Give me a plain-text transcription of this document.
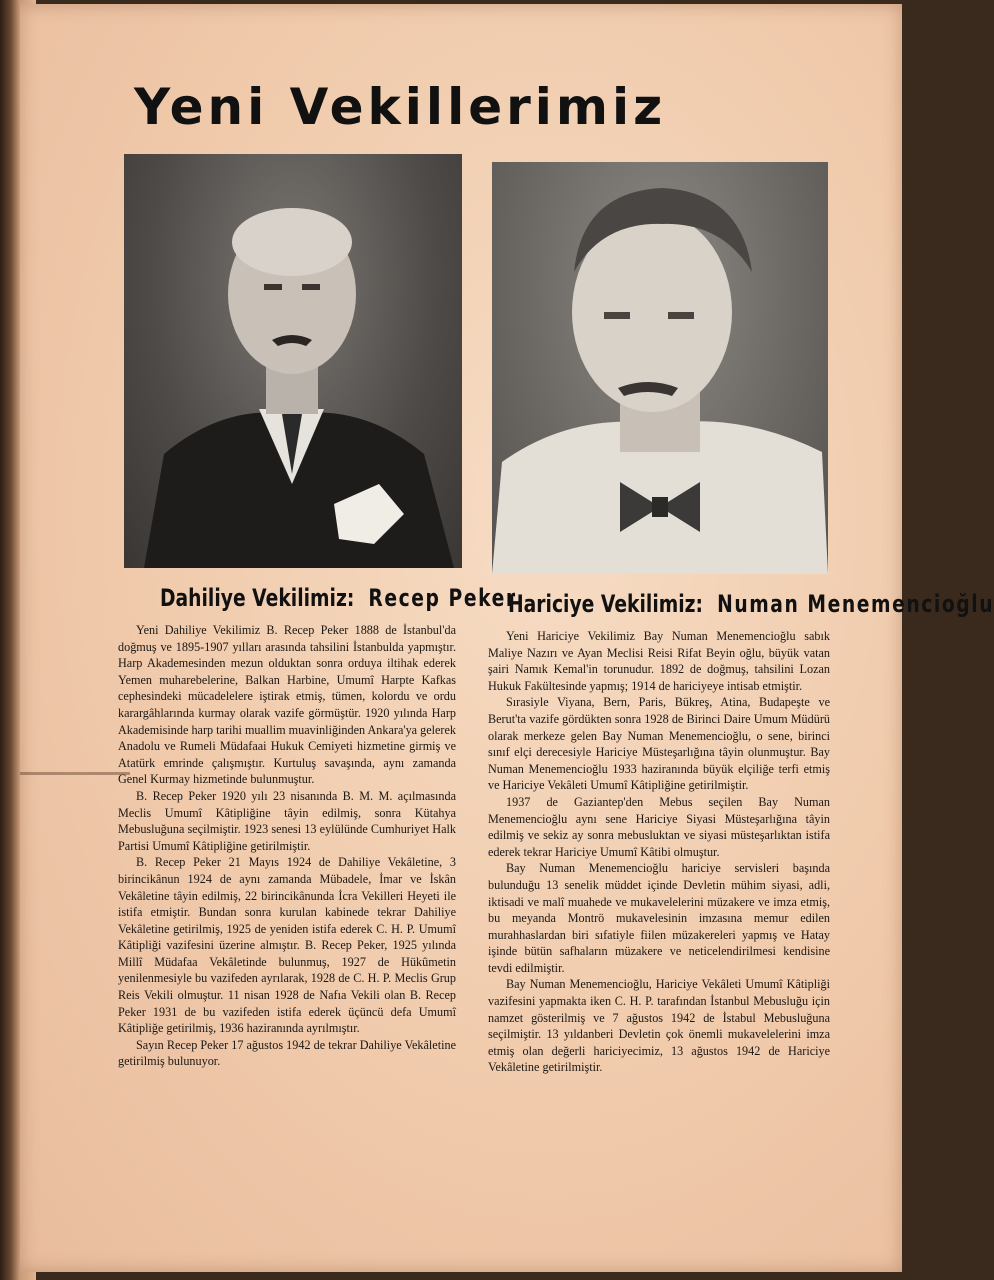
Yeni Vekillerimiz
Dahiliye Vekilimiz: Recep Peker
Hariciye Vekilimiz: Numan Menemencioğlu

Yeni Dahiliye Vekilimiz B. Recep Peker 1888 de İstanbul'da doğmuş ve 1895-1907 yılları arasında tahsilini İstanbulda yapmıştır. Harp Akademesinden mezun olduktan sonra orduya iltihak ederek Yemen muharebelerine, Balkan Harbine, Umumî Harpte Kafkas cephesindeki mücadelelere iştirak etmiş, tümen, kolordu ve ordu karargâhlarında kurmay olarak vazife görmüştür. 1920 yılında Harp Akademisinde harp tarihi muallim muavinliğinden Ankara'ya gelerek Anadolu ve Rumeli Müdafaai Hukuk Cemiyeti hizmetine girmiş ve Atatürk emrinde çalışmıştır. Kurtuluş savaşında, aynı zamanda Genel Kurmay hizmetinde bulunmuştur.

B. Recep Peker 1920 yılı 23 nisanında B. M. M. açılmasında Meclis Umumî Kâtipliğine tâyin edilmiş, sonra Kütahya Mebusluğuna seçilmiştir. 1923 senesi 13 eylülünde Cumhuriyet Halk Partisi Umumî Kâtipliğine getirilmiştir.

B. Recep Peker 21 Mayıs 1924 de Dahiliye Vekâletine, 3 birincikânun 1924 de aynı zamanda Mübadele, İmar ve İskân Vekâletine tâyin edilmiş, 22 birincikânunda İcra Vekilleri Heyeti ile istifa etmiştir. Bundan sonra kurulan kabinede tekrar Dahiliye Vekâletine getirilmiş, 1925 de yeniden istifa ederek C. H. P. Umumî Kâtipliği vazifesini üzerine almıştır. B. Recep Peker, 1925 yılında Millî Müdafaa Vekâletinde bulunmuş, 1927 de Hükûmetin yenilenmesiyle bu vazifeden ayrılarak, 1928 de C. H. P. Meclis Grup Reis Vekili olmuştur. 11 nisan 1928 de Nafıa Vekili olan B. Recep Peker 1931 de bu vazifeden istifa ederek üçüncü defa Umumî Kâtipliğe getirilmiş, 1936 haziranında ayrılmıştır.

Sayın Recep Peker 17 ağustos 1942 de tekrar Dahiliye Vekâletine getirilmiş bulunuyor.

Yeni Hariciye Vekilimiz Bay Numan Menemencioğlu sabık Maliye Nazırı ve Ayan Meclisi Reisi Rifat Beyin oğlu, büyük vatan şairi Namık Kemal'in torunudur. 1892 de doğmuş, tahsilini Lozan Hukuk Fakültesinde yapmış; 1914 de hariciyeye intisab etmiştir.

Sırasiyle Viyana, Bern, Paris, Bükreş, Atina, Budapeşte ve Berut'ta vazife gördükten sonra 1928 de Birinci Daire Umum Müdürü olarak merkeze gelen Bay Numan Menemencioğlu, o sene, birinci sınıf elçi derecesiyle Hariciye Müsteşarlığına tâyin olunmuştur. Bay Numan Menemencioğlu 1933 haziranında büyük elçiliğe terfi etmiş ve Hariciye Vekâleti Umumî Kâtipliğine getirilmiştir.

1937 de Gaziantep'den Mebus seçilen Bay Numan Menemencioğlu aynı sene Hariciye Siyasi Müsteşarlığına tâyin edilmiş ve sekiz ay sonra mebusluktan ve siyasi müsteşarlıktan istifa ederek tekrar Hariciye Umumî Kâtibi olmuştur.

Bay Numan Menemencioğlu hariciye servisleri başında bulunduğu 13 senelik müddet içinde Devletin mühim siyasi, adli, iktisadi ve malî muahede ve mukavelelerini müzakere ve imza etmiş, bu meyanda Montrö mukavelesinin imzasına memur edilen murahhaslardan biri sıfatiyle fiilen müzakereleri yapmış ve Hatay işinde bütün safhaların müzakere ve neticelendirilmesi kendisine tevdi edilmiştir.

Bay Numan Menemencioğlu, Hariciye Vekâleti Umumî Kâtipliği vazifesini yapmakta iken C. H. P. tarafından İstanbul Mebusluğu için namzet gösterilmiş ve 7 ağustos 1942 de İstabul Mebusluğuna seçilmiştir. 13 yıldanberi Devletin çok önemli mukavelelerini imza etmiş olan değerli hariciyecimiz, 13 ağustos 1942 de Hariciye Vekâletine getirilmiştir.
